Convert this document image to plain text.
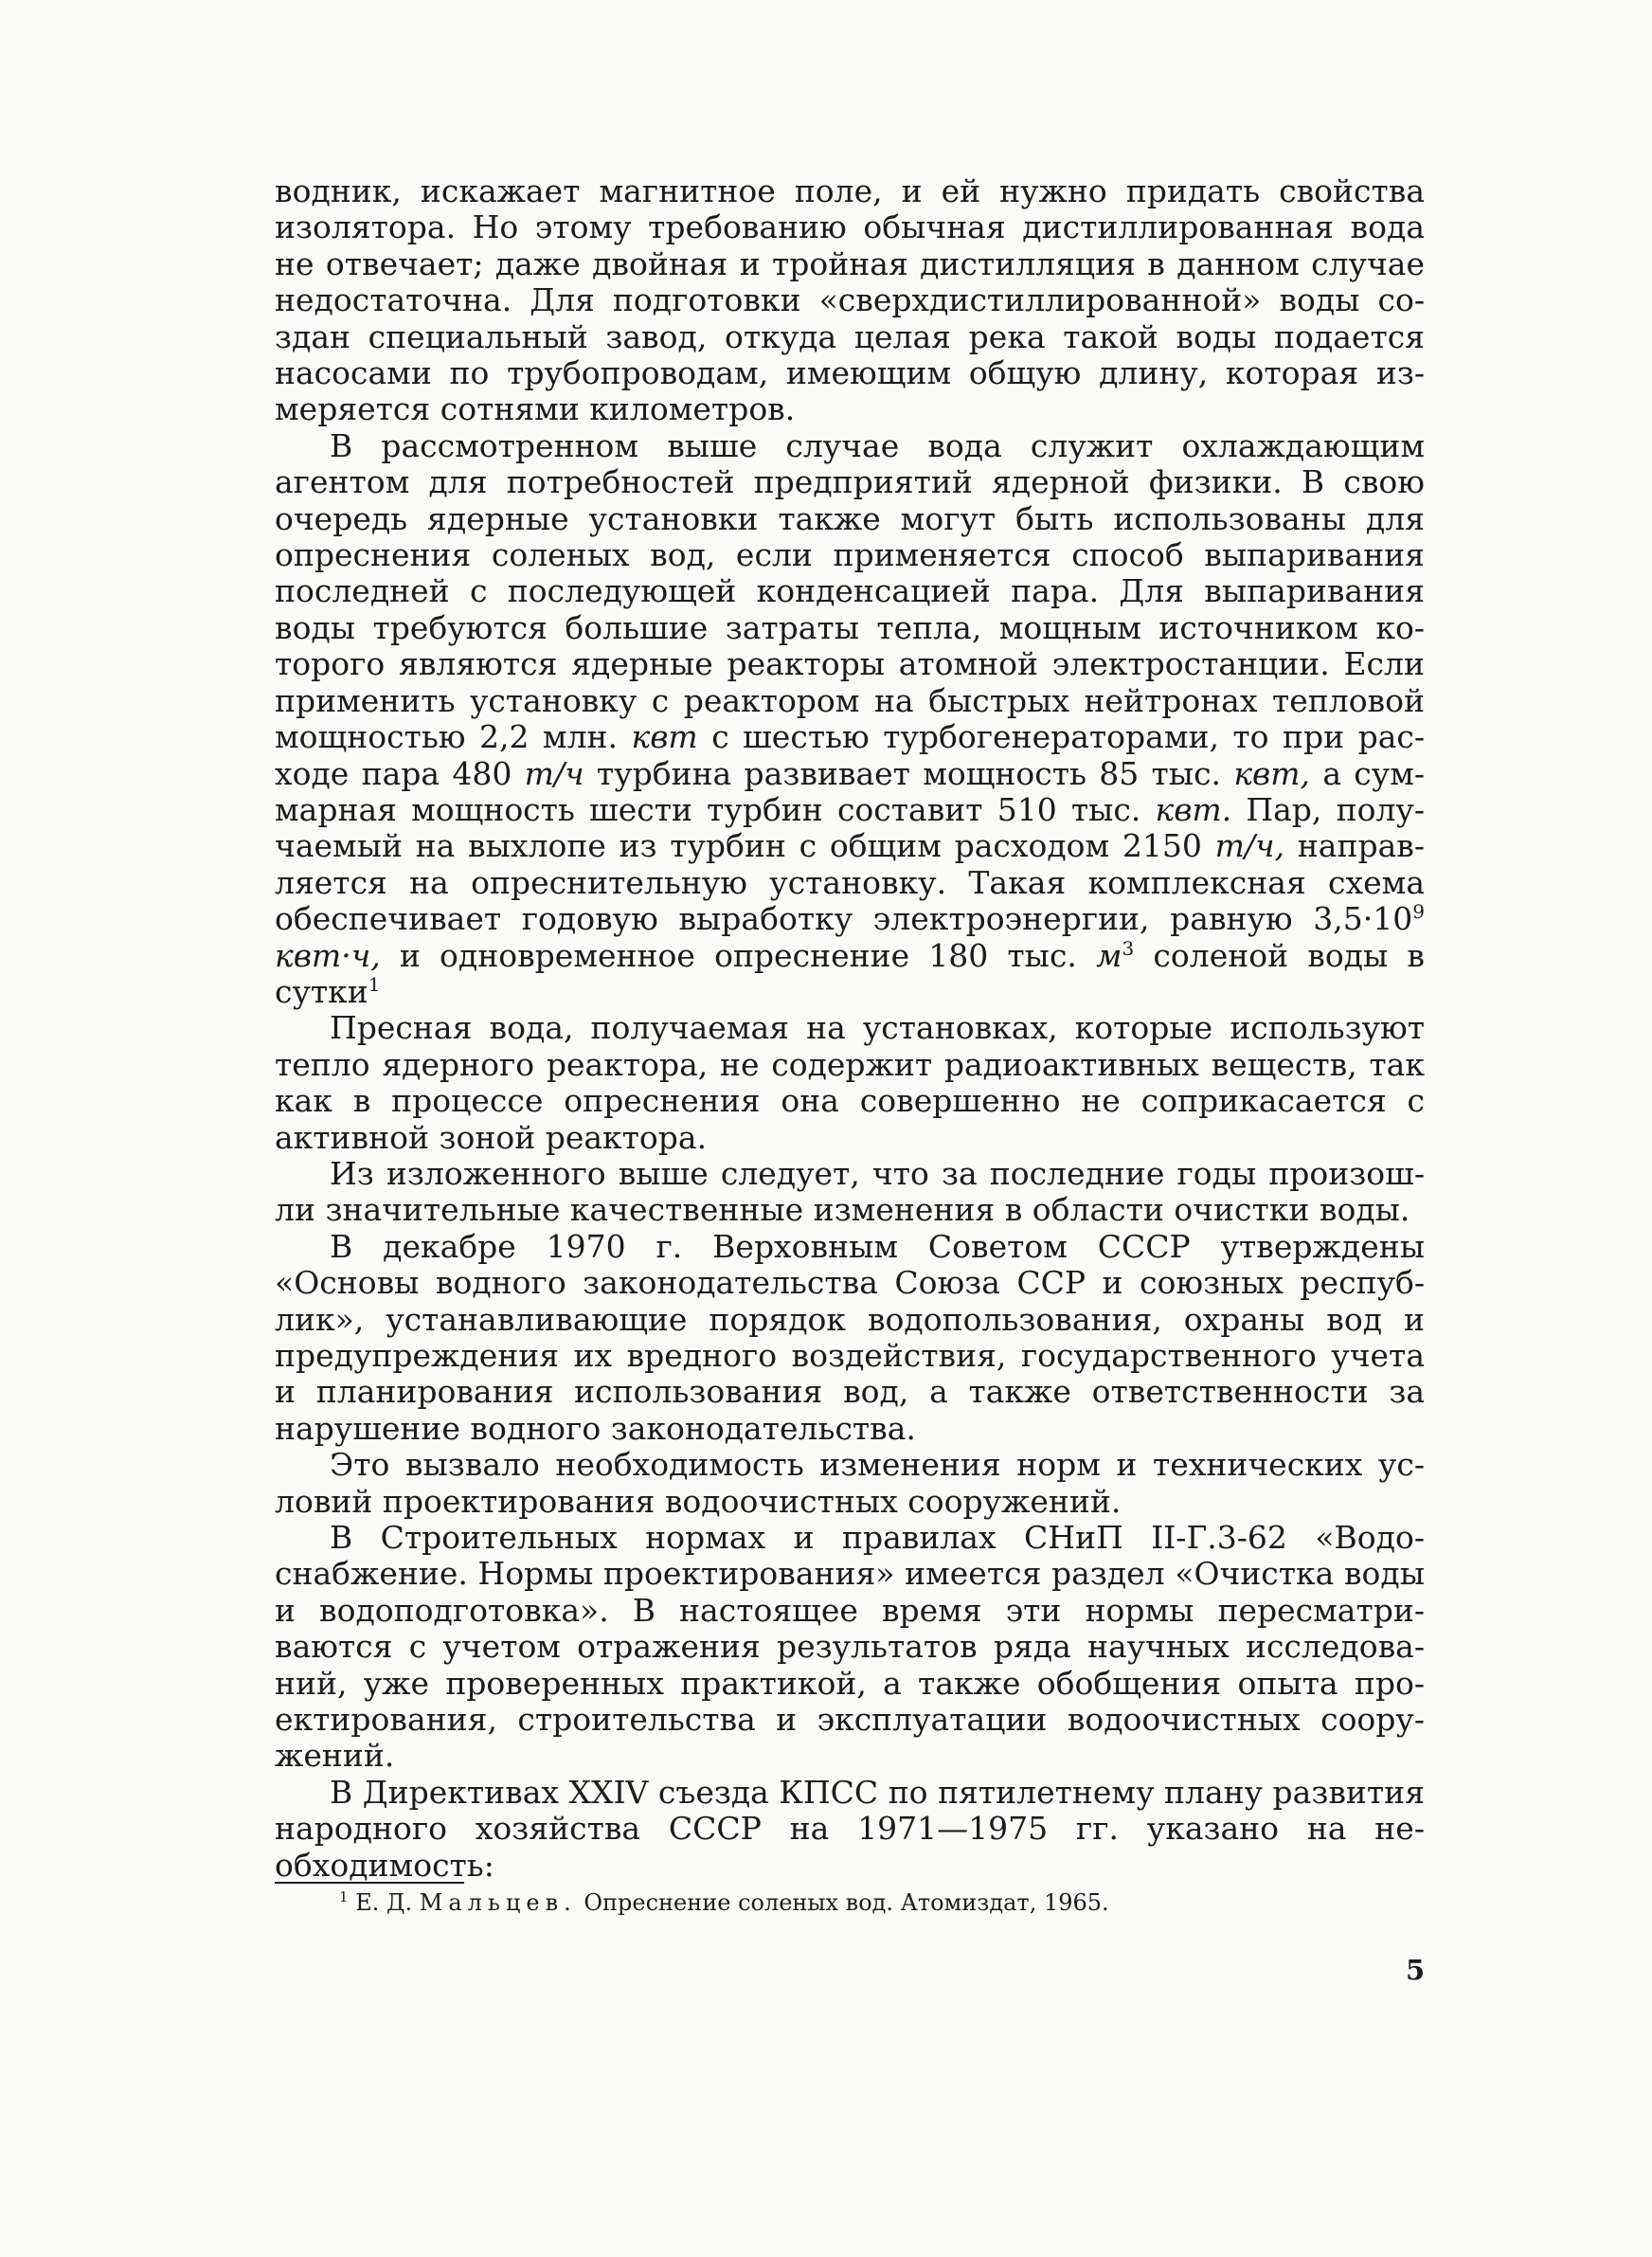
водник, искажает магнитное поле, и ей нужно придать свойства изолятора. Но этому требованию обычная дистиллированная вода не отвечает; даже двойная и тройная дистилляция в данном случае недостаточна. Для подготовки «сверхдистиллированной» воды создан специальный завод, откуда целая река такой воды подается насосами по трубопроводам, имеющим общую длину, которая измеряется сотнями километров.

В рассмотренном выше случае вода служит охлаждающим агентом для потребностей предприятий ядерной физики. В свою очередь ядерные установки также могут быть использованы для опреснения соленых вод, если применяется способ выпаривания последней с последующей конденсацией пара. Для выпаривания воды требуются большие затраты тепла, мощным источником которого являются ядерные реакторы атомной электростанции. Если применить установку с реактором на быстрых нейтронах тепловой мощностью 2,2 млн. квт с шестью турбогенераторами, то при расходе пара 480 т/ч турбина развивает мощность 85 тыс. квт, а суммарная мощность шести турбин составит 510 тыс. квт. Пар, получаемый на выхлопе из турбин с общим расходом 2150 т/ч, направляется на опреснительную установку. Такая комплексная схема обеспечивает годовую выработку электроэнергии, равную $3,5\cdot 10^9$ квт·ч, и одновременное опреснение 180 тыс. $м^3$ соленой воды в сутки$^1$

Пресная вода, получаемая на установках, которые используют тепло ядерного реактора, не содержит радиоактивных веществ, так как в процессе опреснения она совершенно не соприкасается с активной зоной реактора.

Из изложенного выше следует, что за последние годы произошли значительные качественные изменения в области очистки воды.

В декабре 1970 г. Верховным Советом СССР утверждены «Основы водного законодательства Союза ССР и союзных республик», устанавливающие порядок водопользования, охраны вод и предупреждения их вредного воздействия, государственного учета и планирования использования вод, а также ответственности за нарушение водного законодательства.

Это вызвало необходимость изменения норм и технических условий проектирования водоочистных сооружений.

В Строительных нормах и правилах СНиП II-Г.3-62 «Водоснабжение. Нормы проектирования» имеется раздел «Очистка воды и водоподготовка». В настоящее время эти нормы пересматриваются с учетом отражения результатов ряда научных исследований, уже проверенных практикой, а также обобщения опыта проектирования, строительства и эксплуатации водоочистных сооружений.

В Директивах XXIV съезда КПСС по пятилетнему плану развития народного хозяйства СССР на 1971—1975 гг. указано на необходимость:

$^1$ Е. Д. Мальцев. Опреснение соленых вод. Атомиздат, 1965.
5
